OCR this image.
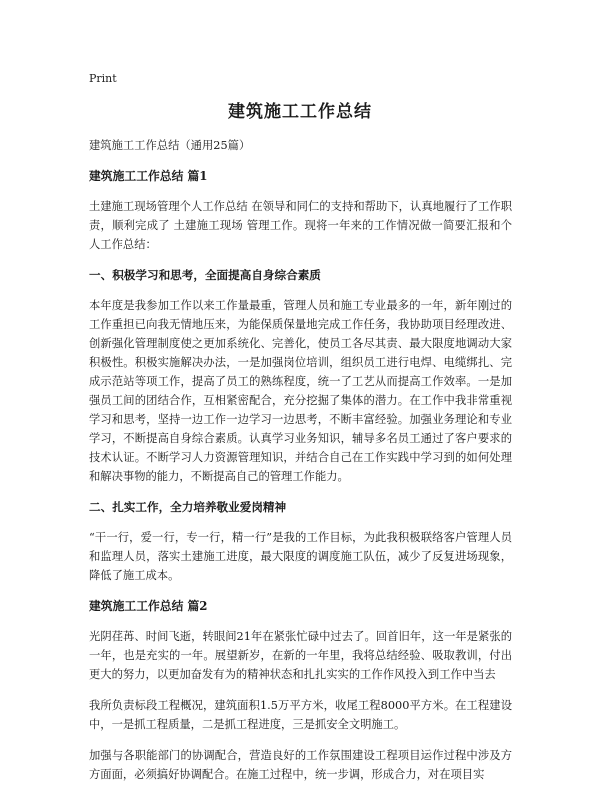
Print
建筑施工工作总结

建筑施工工作总结（通用25篇）

建筑施工工作总结 篇1

土建施工现场管理个人工作总结 在领导和同仁的支持和帮助下，认真地履行了工作职责，顺利完成了 土建施工现场 管理工作。现将一年来的工作情况做一简要汇报和个人工作总结：

一、积极学习和思考，全面提高自身综合素质

本年度是我参加工作以来工作量最重，管理人员和施工专业最多的一年，新年刚过的工作重担已向我无情地压来，为能保质保量地完成工作任务，我协助项目经理改进、创新强化管理制度使之更加系统化、完善化，使员工各尽其责、最大限度地调动大家积极性。积极实施解决办法，一是加强岗位培训，组织员工进行电焊、电缆绑扎、完成示范站等项工作，提高了员工的熟练程度，统一了工艺从而提高工作效率。一是加强员工间的团结合作，互相紧密配合，充分挖掘了集体的潜力。在工作中我非常重视学习和思考，坚持一边工作一边学习一边思考，不断丰富经验。加强业务理论和专业学习，不断提高自身综合素质。认真学习业务知识，辅导多名员工通过了客户要求的技术认证。不断学习人力资源管理知识，并结合自己在工作实践中学习到的如何处理和解决事物的能力，不断提高自己的管理工作能力。

二、扎实工作，全力培养敬业爱岗精神

“干一行，爱一行，专一行，精一行”是我的工作目标，为此我积极联络客户管理人员和监理人员，落实土建施工进度，最大限度的调度施工队伍，减少了反复进场现象， 降低了施工成本。

建筑施工工作总结 篇2

光阴荏苒、时间飞逝，转眼间21年在紧张忙碌中过去了。回首旧年，这一年是紧张的一年，也是充实的一年。展望新岁，在新的一年里，我将总结经验、吸取教训，付出更大的努力，以更加奋发有为的精神状态和扎扎实实的工作作风投入到工作中当去

我所负责标段工程概况，建筑面积1.5万平方米，收尾工程8000平方米。在工程建设中，一是抓工程质量，二是抓工程进度，三是抓安全文明施工。

加强与各职能部门的协调配合，营造良好的工作氛围建设工程项目运作过程中涉及方方面面，必须搞好协调配合。在施工过程中，统一步调，形成合力，对在项目实
